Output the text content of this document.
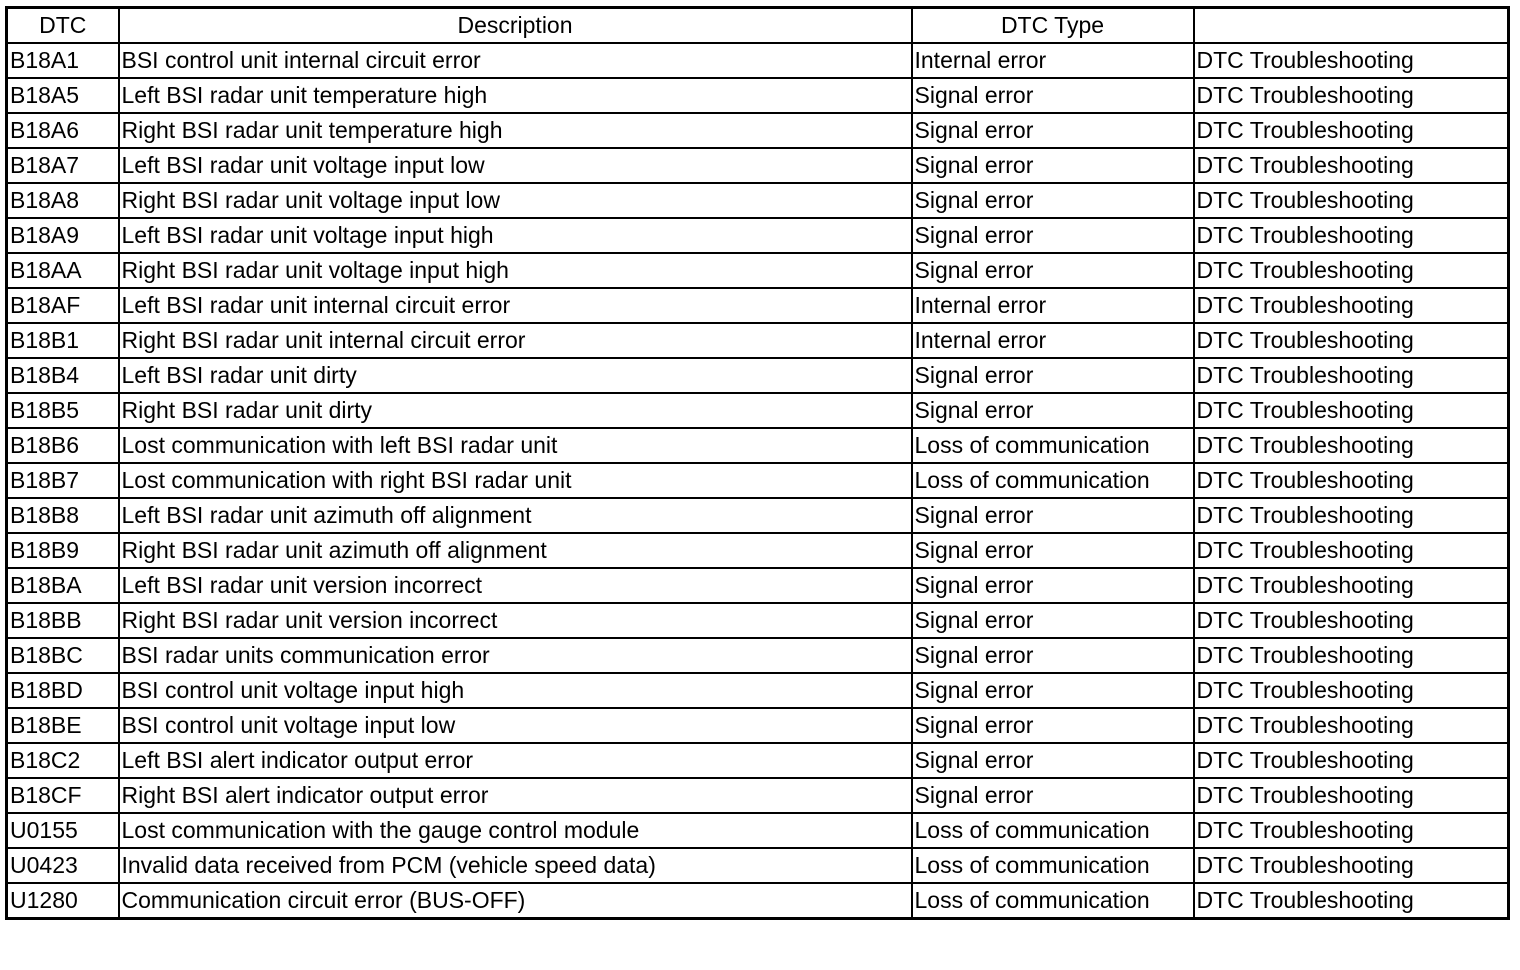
DTC	Description	DTC Type	
B18A1	BSI control unit internal circuit error	Internal error	DTC Troubleshooting
B18A5	Left BSI radar unit temperature high	Signal error	DTC Troubleshooting
B18A6	Right BSI radar unit temperature high	Signal error	DTC Troubleshooting
B18A7	Left BSI radar unit voltage input low	Signal error	DTC Troubleshooting
B18A8	Right BSI radar unit voltage input low	Signal error	DTC Troubleshooting
B18A9	Left BSI radar unit voltage input high	Signal error	DTC Troubleshooting
B18AA	Right BSI radar unit voltage input high	Signal error	DTC Troubleshooting
B18AF	Left BSI radar unit internal circuit error	Internal error	DTC Troubleshooting
B18B1	Right BSI radar unit internal circuit error	Internal error	DTC Troubleshooting
B18B4	Left BSI radar unit dirty	Signal error	DTC Troubleshooting
B18B5	Right BSI radar unit dirty	Signal error	DTC Troubleshooting
B18B6	Lost communication with left BSI radar unit	Loss of communication	DTC Troubleshooting
B18B7	Lost communication with right BSI radar unit	Loss of communication	DTC Troubleshooting
B18B8	Left BSI radar unit azimuth off alignment	Signal error	DTC Troubleshooting
B18B9	Right BSI radar unit azimuth off alignment	Signal error	DTC Troubleshooting
B18BA	Left BSI radar unit version incorrect	Signal error	DTC Troubleshooting
B18BB	Right BSI radar unit version incorrect	Signal error	DTC Troubleshooting
B18BC	BSI radar units communication error	Signal error	DTC Troubleshooting
B18BD	BSI control unit voltage input high	Signal error	DTC Troubleshooting
B18BE	BSI control unit voltage input low	Signal error	DTC Troubleshooting
B18C2	Left BSI alert indicator output error	Signal error	DTC Troubleshooting
B18CF	Right BSI alert indicator output error	Signal error	DTC Troubleshooting
U0155	Lost communication with the gauge control module	Loss of communication	DTC Troubleshooting
U0423	Invalid data received from PCM (vehicle speed data)	Loss of communication	DTC Troubleshooting
U1280	Communication circuit error (BUS-OFF)	Loss of communication	DTC Troubleshooting
